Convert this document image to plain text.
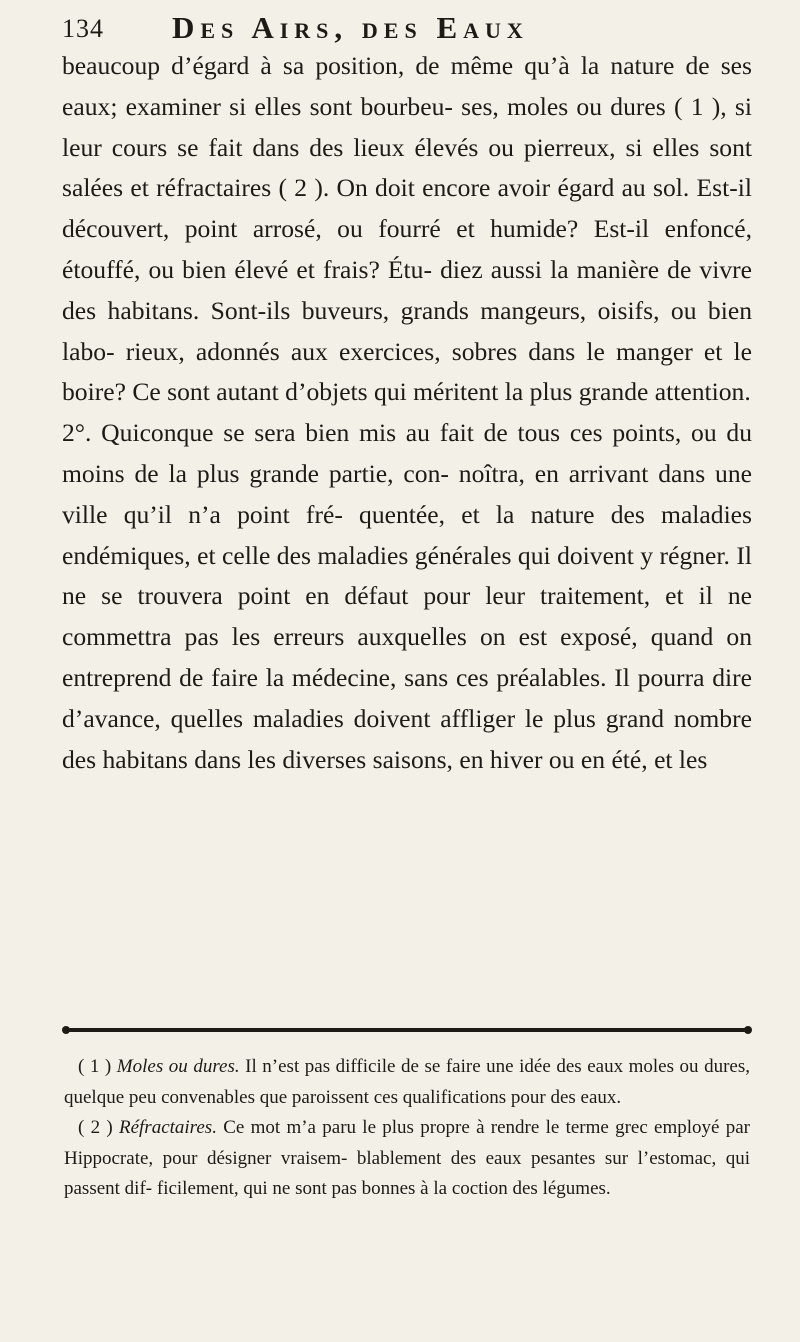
134 Des Airs, des Eaux

beaucoup d’égard à sa position, de même qu’à la nature de ses eaux; examiner si elles sont bourbeu- ses, moles ou dures ( 1 ), si leur cours se fait dans des lieux élevés ou pierreux, si elles sont salées et réfractaires ( 2 ). On doit encore avoir égard au sol. Est-il découvert, point arrosé, ou fourré et humide? Est-il enfoncé, étouffé, ou bien élevé et frais? Étu- diez aussi la manière de vivre des habitans. Sont-ils buveurs, grands mangeurs, oisifs, ou bien labo- rieux, adonnés aux exercices, sobres dans le manger et le boire? Ce sont autant d’objets qui méritent la plus grande attention.

2°. Quiconque se sera bien mis au fait de tous ces points, ou du moins de la plus grande partie, con- noîtra, en arrivant dans une ville qu’il n’a point fré- quentée, et la nature des maladies endémiques, et celle des maladies générales qui doivent y régner. Il ne se trouvera point en défaut pour leur traitement, et il ne commettra pas les erreurs auxquelles on est exposé, quand on entreprend de faire la médecine, sans ces préalables. Il pourra dire d’avance, quelles maladies doivent affliger le plus grand nombre des habitans dans les diverses saisons, en hiver ou en été, et les

( 1 ) Moles ou dures. Il n’est pas difficile de se faire une idée des eaux moles ou dures, quelque peu convenables que paroissent ces qualifications pour des eaux.

( 2 ) Réfractaires. Ce mot m’a paru le plus propre à rendre le terme grec employé par Hippocrate, pour désigner vraisem- blablement des eaux pesantes sur l’estomac, qui passent dif- ficilement, qui ne sont pas bonnes à la coction des légumes.
